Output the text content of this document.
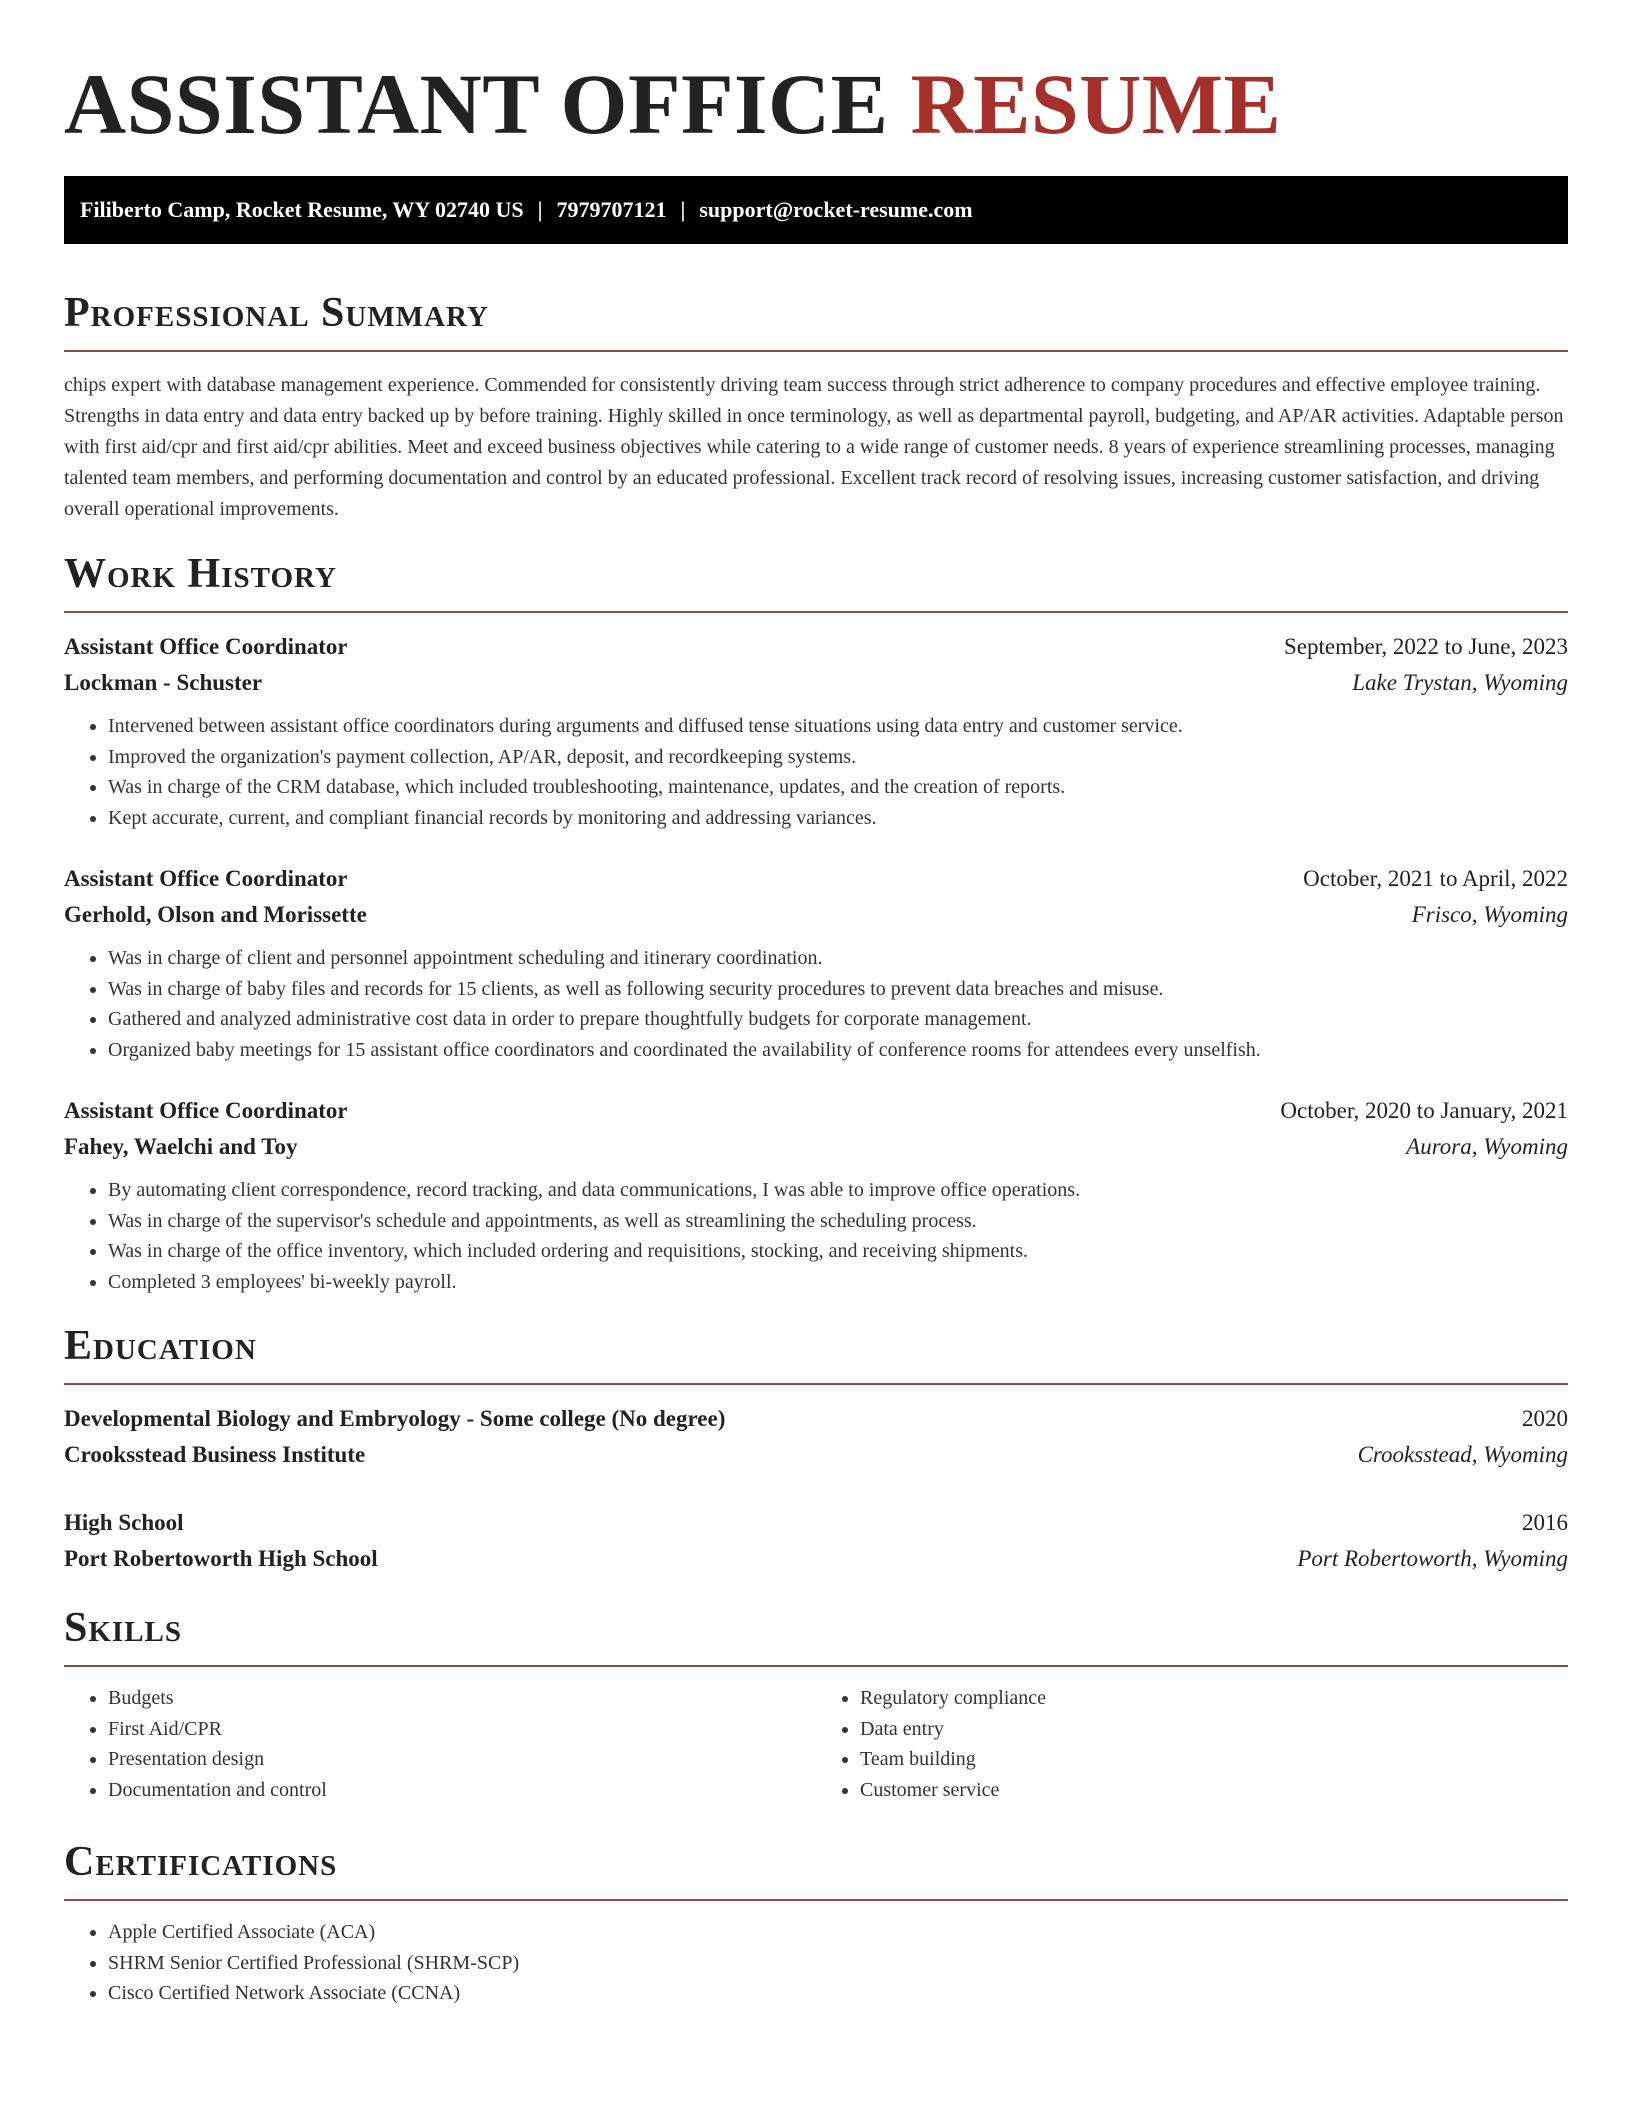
ASSISTANT OFFICE RESUME
Filiberto Camp, Rocket Resume, WY 02740 US | 7979707121 | support@rocket-resume.com
Professional Summary

chips expert with database management experience. Commended for consistently driving team success through strict adherence to company procedures and effective employee training. Strengths in data entry and data entry backed up by before training. Highly skilled in once terminology, as well as departmental payroll, budgeting, and AP/AR activities. Adaptable person with first aid/cpr and first aid/cpr abilities. Meet and exceed business objectives while catering to a wide range of customer needs. 8 years of experience streamlining processes, managing talented team members, and performing documentation and control by an educated professional. Excellent track record of resolving issues, increasing customer satisfaction, and driving overall operational improvements.

Work History
Assistant Office Coordinator	September, 2022 to June, 2023
Lockman - Schuster	Lake Trystan, Wyoming
• Intervened between assistant office coordinators during arguments and diffused tense situations using data entry and customer service.
• Improved the organization's payment collection, AP/AR, deposit, and recordkeeping systems.
• Was in charge of the CRM database, which included troubleshooting, maintenance, updates, and the creation of reports.
• Kept accurate, current, and compliant financial records by monitoring and addressing variances.
Assistant Office Coordinator	October, 2021 to April, 2022
Gerhold, Olson and Morissette	Frisco, Wyoming
• Was in charge of client and personnel appointment scheduling and itinerary coordination.
• Was in charge of baby files and records for 15 clients, as well as following security procedures to prevent data breaches and misuse.
• Gathered and analyzed administrative cost data in order to prepare thoughtfully budgets for corporate management.
• Organized baby meetings for 15 assistant office coordinators and coordinated the availability of conference rooms for attendees every unselfish.
Assistant Office Coordinator	October, 2020 to January, 2021
Fahey, Waelchi and Toy	Aurora, Wyoming
• By automating client correspondence, record tracking, and data communications, I was able to improve office operations.
• Was in charge of the supervisor's schedule and appointments, as well as streamlining the scheduling process.
• Was in charge of the office inventory, which included ordering and requisitions, stocking, and receiving shipments.
• Completed 3 employees' bi-weekly payroll.
Education
Developmental Biology and Embryology - Some college (No degree)	2020
Crooksstead Business Institute	Crooksstead, Wyoming
High School	2016
Port Robertoworth High School	Port Robertoworth, Wyoming
Skills
• Budgets
• First Aid/CPR
• Presentation design
• Documentation and control
• Regulatory compliance
• Data entry
• Team building
• Customer service
Certifications
• Apple Certified Associate (ACA)
• SHRM Senior Certified Professional (SHRM-SCP)
• Cisco Certified Network Associate (CCNA)
